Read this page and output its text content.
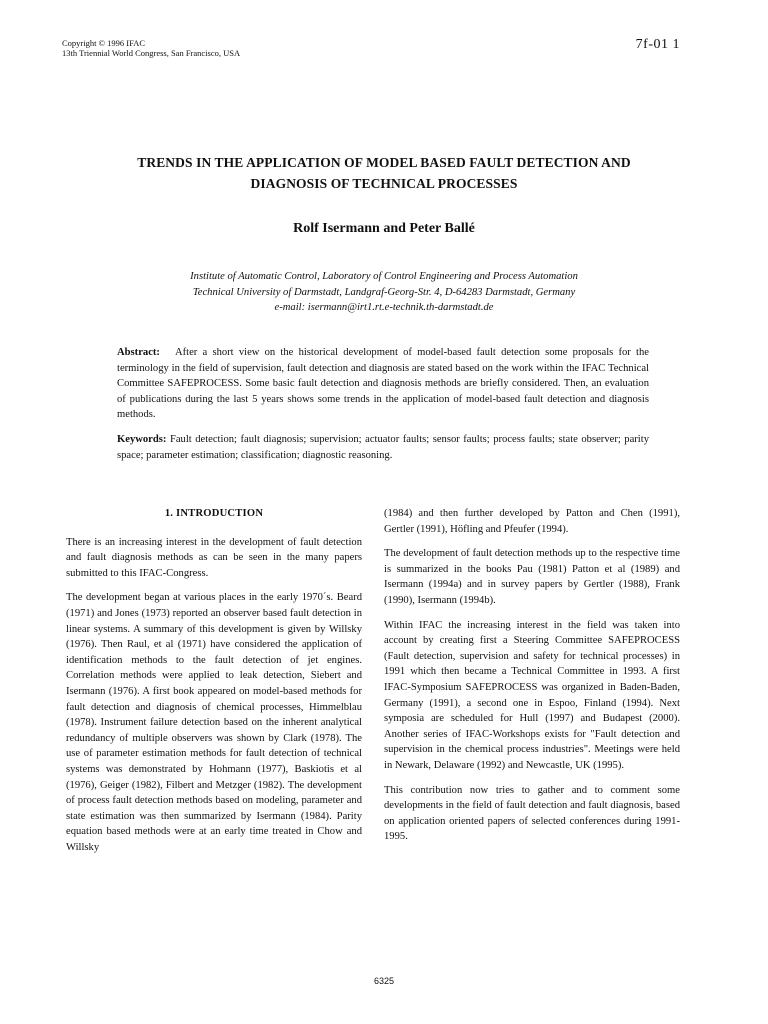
Copyright © 1996 IFAC
13th Triennial World Congress, San Francisco, USA
7f-01 1
TRENDS IN THE APPLICATION OF MODEL BASED FAULT DETECTION AND
DIAGNOSIS OF TECHNICAL PROCESSES
Rolf Isermann and Peter Ballé
Institute of Automatic Control, Laboratory of Control Engineering and Process Automation
Technical University of Darmstadt, Landgraf-Georg-Str. 4, D-64283 Darmstadt, Germany
e-mail: isermann@irt1.rt.e-technik.th-darmstadt.de
Abstract: After a short view on the historical development of model-based fault detection some proposals for the terminology in the field of supervision, fault detection and diagnosis are stated based on the work within the IFAC Technical Committee SAFEPROCESS. Some basic fault detection and diagnosis methods are briefly considered. Then, an evaluation of publications during the last 5 years shows some trends in the application of model-based fault detection and diagnosis methods.
Keywords: Fault detection; fault diagnosis; supervision; actuator faults; sensor faults; process faults; state observer; parity space; parameter estimation; classification; diagnostic reasoning.
1. INTRODUCTION

There is an increasing interest in the development of fault detection and fault diagnosis methods as can be seen in the many papers submitted to this IFAC-Congress.

The development began at various places in the early 1970´s. Beard (1971) and Jones (1973) reported an observer based fault detection in linear systems. A summary of this development is given by Willsky (1976). Then Raul, et al (1971) have considered the application of identification methods to the fault detection of jet engines. Correlation methods were applied to leak detection, Siebert and Isermann (1976). A first book appeared on model-based methods for fault detection and diagnosis of chemical processes, Himmelblau (1978). Instrument failure detection based on the inherent analytical redundancy of multiple observers was shown by Clark (1978). The use of parameter estimation methods for fault detection of technical systems was demonstrated by Hohmann (1977), Baskiotis et al (1976), Geiger (1982), Filbert and Metzger (1982). The development of process fault detection methods based on modeling, parameter and state estimation was then summarized by Isermann (1984). Parity equation based methods were at an early time treated in Chow and Willsky

(1984) and then further developed by Patton and Chen (1991), Gertler (1991), Höfling and Pfeufer (1994).

The development of fault detection methods up to the respective time is summarized in the books Pau (1981) Patton et al (1989) and Isermann (1994a) and in survey papers by Gertler (1988), Frank (1990), Isermann (1994b).

Within IFAC the increasing interest in the field was taken into account by creating first a Steering Committee SAFEPROCESS (Fault detection, supervision and safety for technical processes) in 1991 which then became a Technical Committee in 1993. A first IFAC-Symposium SAFEPROCESS was organized in Baden-Baden, Germany (1991), a second one in Espoo, Finland (1994). Next symposia are scheduled for Hull (1997) and Budapest (2000). Another series of IFAC-Workshops exists for "Fault detection and supervision in the chemical process industries". Meetings were held in Newark, Delaware (1992) and Newcastle, UK (1995).

This contribution now tries to gather and to comment some developments in the field of fault detection and fault diagnosis, based on application oriented papers of selected conferences during 1991-1995.

6325
